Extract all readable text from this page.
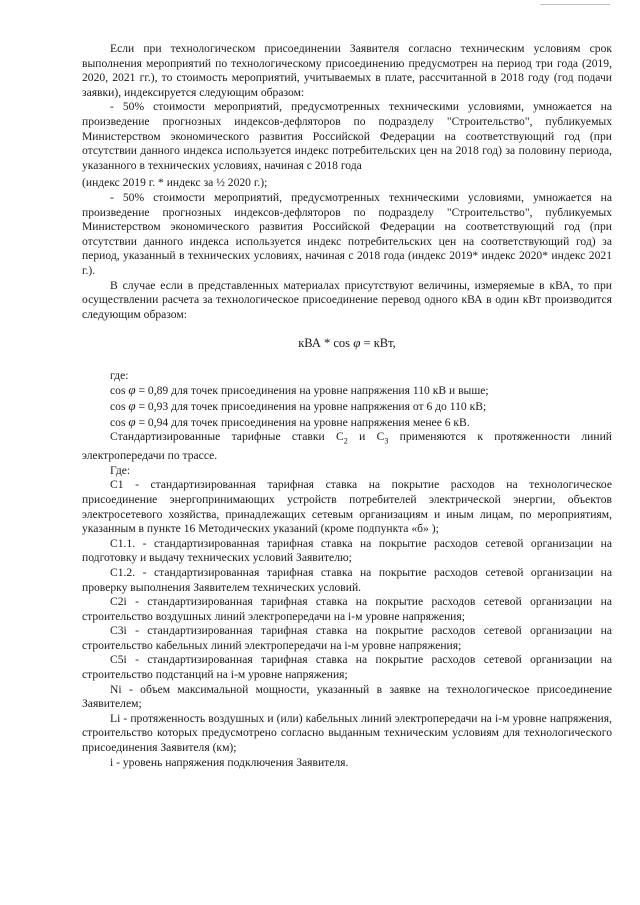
Если при технологическом присоединении Заявителя согласно техническим условиям срок выполнения мероприятий по технологическому присоединению предусмотрен на период три года (2019, 2020, 2021 гг.), то стоимость мероприятий, учитываемых в плате, рассчитанной в 2018 году (год подачи заявки), индексируется следующим образом:

- 50% стоимости мероприятий, предусмотренных техническими условиями, умножается на произведение прогнозных индексов-дефляторов по подразделу "Строительство", публикуемых Министерством экономического развития Российской Федерации на соответствующий год (при отсутствии данного индекса используется индекс потребительских цен на 2018 год) за половину периода, указанного в технических условиях, начиная с 2018 года

(индекс 2019 г. * индекс за ½ 2020 г.);

- 50% стоимости мероприятий, предусмотренных техническими условиями, умножается на произведение прогнозных индексов-дефляторов по подразделу "Строительство", публикуемых Министерством экономического развития Российской Федерации на соответствующий год (при отсутствии данного индекса используется индекс потребительских цен на соответствующий год) за период, указанный в технических условиях, начиная с 2018 года (индекс 2019* индекс 2020* индекс 2021 г.).

В случае если в представленных материалах присутствуют величины, измеряемые в кВА, то при осуществлении расчета за технологическое присоединение перевод одного кВА в один кВт производится следующим образом:

кВА * cos φ = кВт,

где:

cos φ = 0,89 для точек присоединения на уровне напряжения 110 кВ и выше;

cos φ = 0,93 для точек присоединения на уровне напряжения от 6 до 110 кВ;

cos φ = 0,94 для точек присоединения на уровне напряжения менее 6 кВ.

Стандартизированные тарифные ставки $С_2$ и $С_3$ применяются к протяженности линий электропередачи по трассе.

Где:

С1 - стандартизированная тарифная ставка на покрытие расходов на технологическое присоединение энергопринимающих устройств потребителей электрической энергии, объектов электросетевого хозяйства, принадлежащих сетевым организациям и иным лицам, по мероприятиям, указанным в пункте 16 Методических указаний (кроме подпункта «б» );

С1.1. - стандартизированная тарифная ставка на покрытие расходов сетевой организации на подготовку и выдачу технических условий Заявителю;

С1.2. - стандартизированная тарифная ставка на покрытие расходов сетевой организации на проверку выполнения Заявителем технических условий.

С2i - стандартизированная тарифная ставка на покрытие расходов сетевой организации на строительство воздушных линий электропередачи на i-м уровне напряжения;

С3i - стандартизированная тарифная ставка на покрытие расходов сетевой организации на строительство кабельных линий электропередачи на i-м уровне напряжения;

С5i - стандартизированная тарифная ставка на покрытие расходов сетевой организации на строительство подстанций на i-м уровне напряжения;

Ni - объем максимальной мощности, указанный в заявке на технологическое присоединение Заявителем;

Li - протяженность воздушных и (или) кабельных линий электропередачи на i-м уровне напряжения, строительство которых предусмотрено согласно выданным техническим условиям для технологического присоединения Заявителя (км);

i - уровень напряжения подключения Заявителя.
